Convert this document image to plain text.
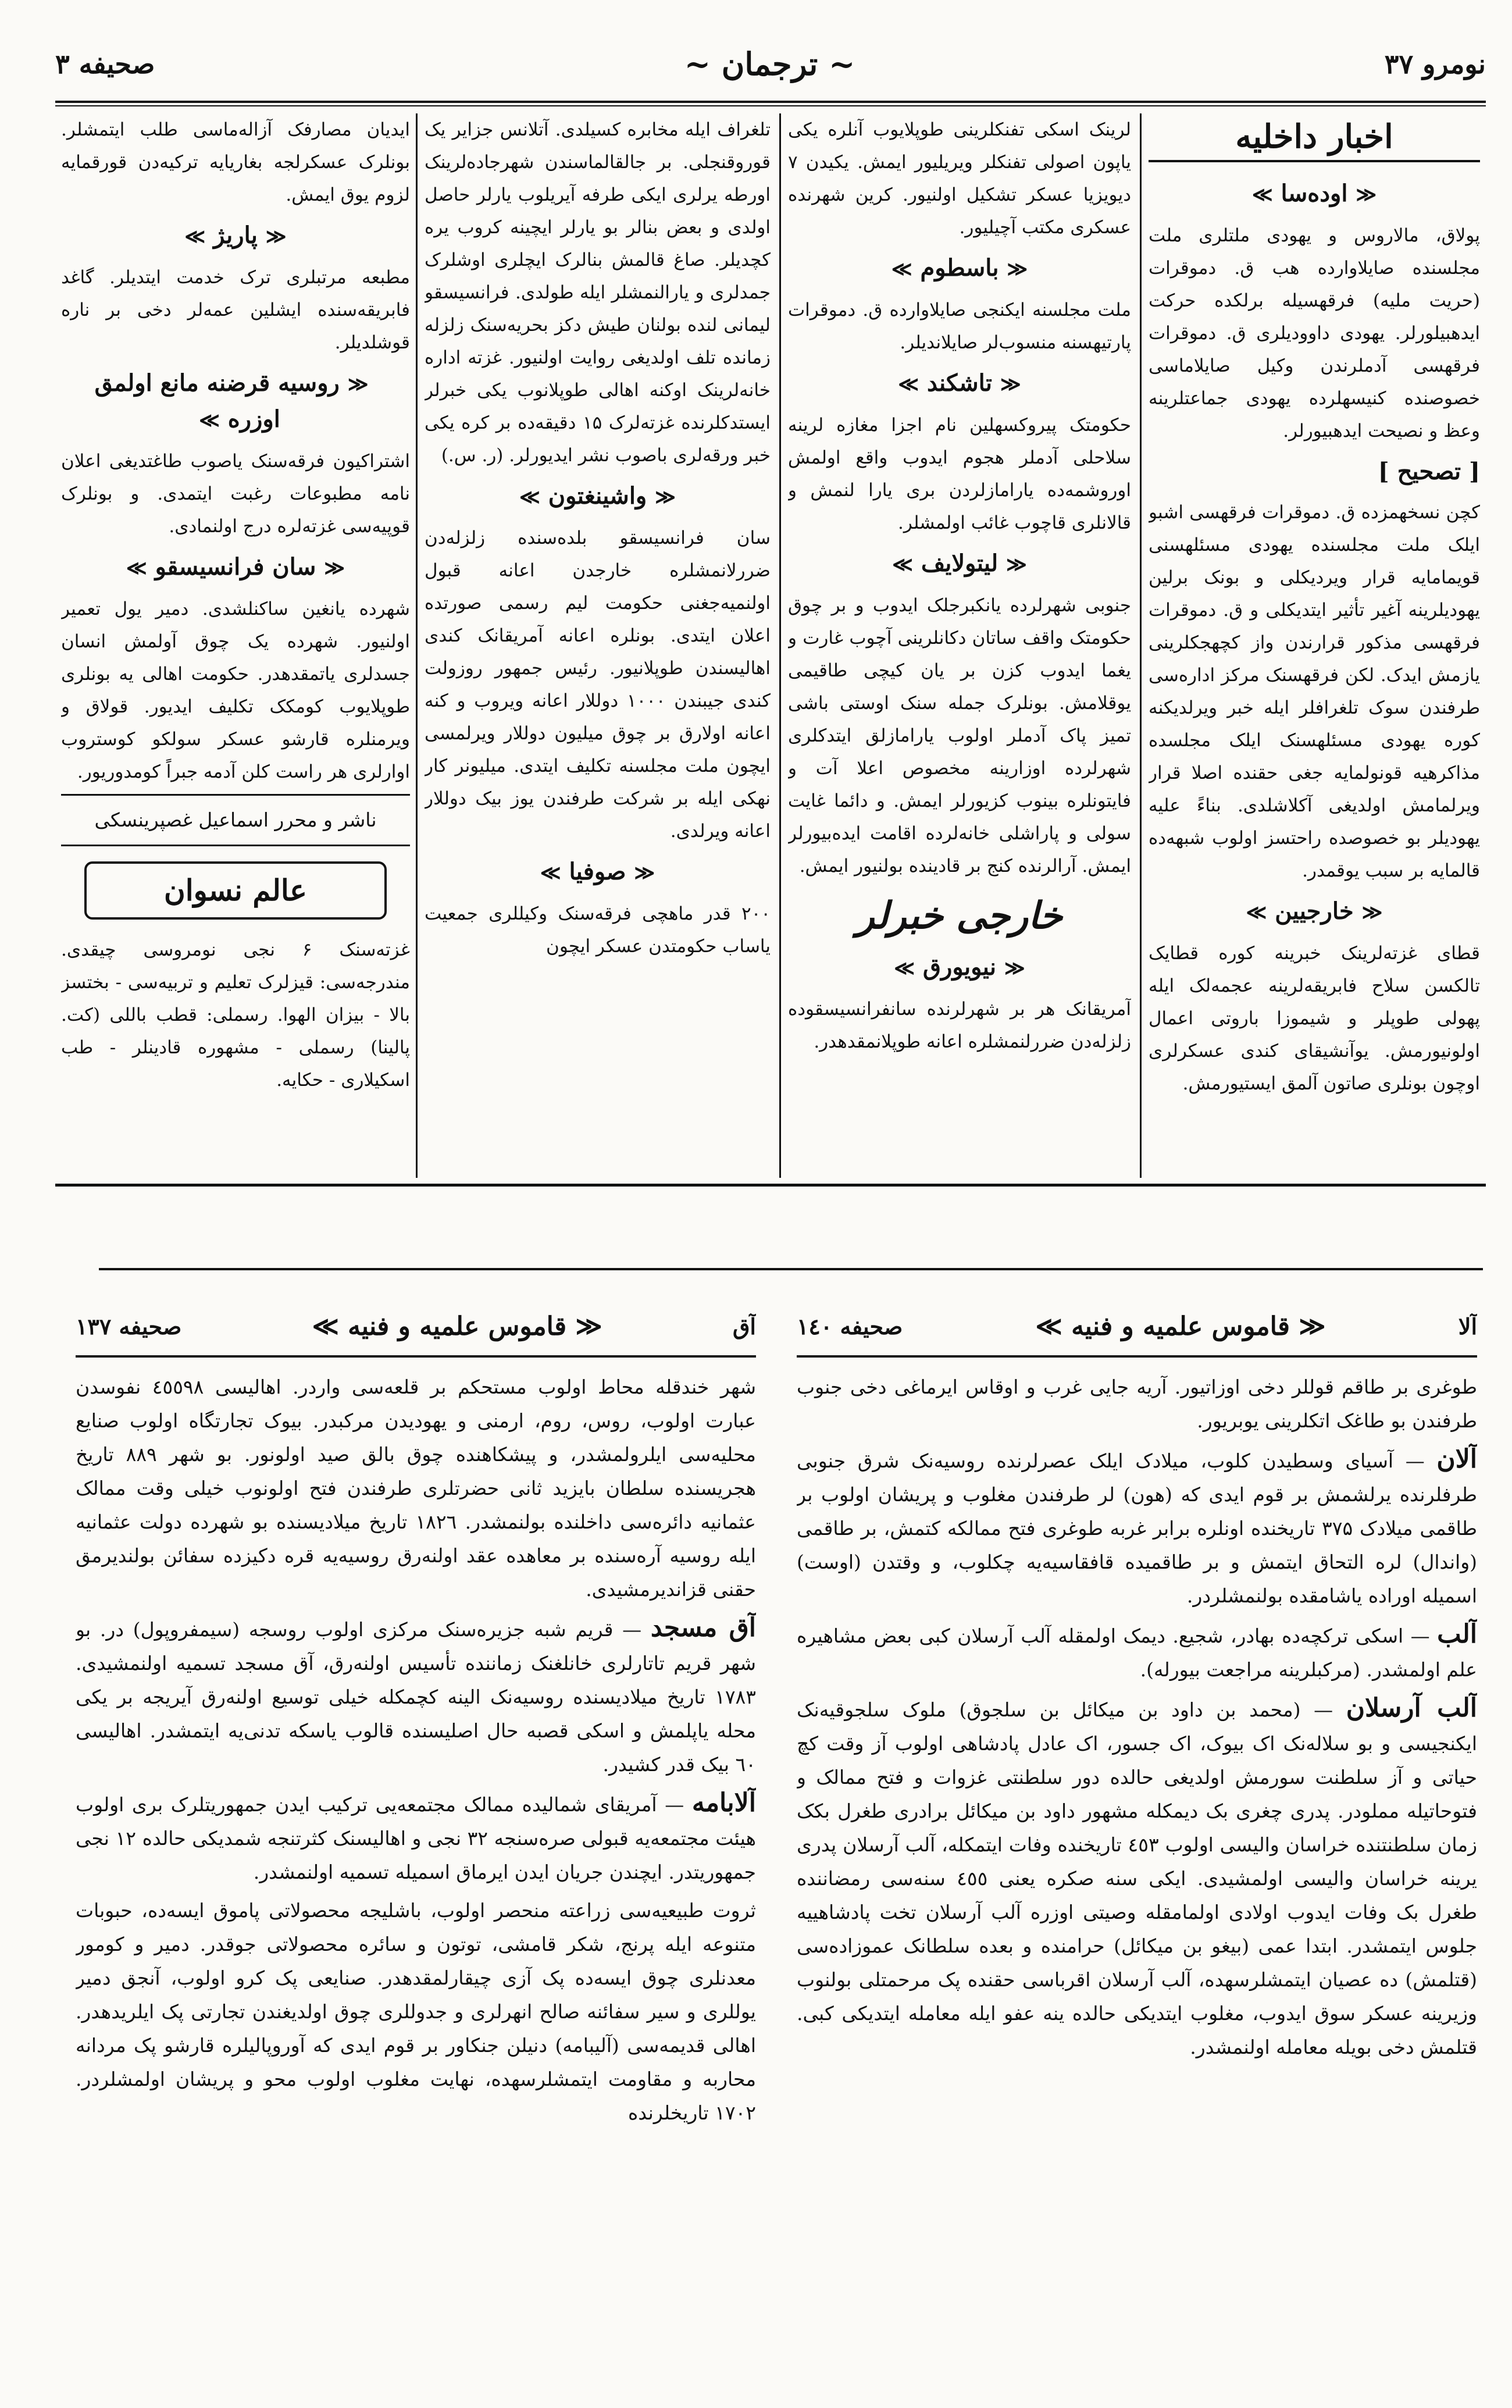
نومرو ۳۷
~ ترجمان ~
صحیفه ۳
اخبار داخلیه
≪اودەسا≫

پولاق، مالاروس و یهودی ملتلری ملت مجلسنده صایلاوارده هب ق. دموقرات (حریت ملیه) فرقهسیله برلکده حرکت ایدهبیلورلر. یهودی داوودیلری ق. دموقرات فرقهسی آدملرندن وکیل صایلاماسی خصوصنده کنیسهلرده یهودی جماعتلرینه وعظ و نصیحت ایدهبیورلر.

[ تصحیح ]

کچن نسخهمزده ق. دموقرات فرقهسی اشبو ایلک ملت مجلسنده یهودی مسئلهسنی قویمامایه قرار ویردیکلی و بونک برلین یهودیلرینه آغیر تأثیر ایتدیکلی و ق. دموقرات فرقهسی مذکور قرارندن واز کچهجکلرینی یازمش ایدک. لکن فرقهسنک مرکز اداره‌سی طرفندن سوک تلغرافلر ایله خبر ویرلدیکنه کوره یهودی مسئلهسنک ایلک مجلسده مذاکرهیه قونولمایه جغی حقنده اصلا قرار ویرلمامش اولدیغی آکلاشلدی. بناءً علیه یهودیلر بو خصوصده راحتسز اولوب شبهەده قالمایه بر سبب یوقمدر.

≪خارجیین≫

قطای غزتەلرینک خبرینه کوره قطایک تالکسن سلاح فابریقەلرینه عجمەلک ایله پهولی طوپلر و شیموزا باروتی اعمال اولونیورمش. یوآنشیقای کندی عسکرلری اوچون بونلری صاتون آلمق ایستیورمش.

لرینک اسکی تفنکلرینی طوپلایوب آنلره یکی یاپون اصولی تفنکلر ویریلیور ایمش. یکیدن ۷ دیویزیا عسکر تشکیل اولنیور. کرین شهرنده عسکری مکتب آچیلیور.

≪باسطوم≫

ملت مجلسنه ایکنجی صایلاوارده ق. دموقرات پارتیهسنه منسوب‌لر صایلاندیلر.

≪تاشکند≫

حکومتک پیروکسهلین نام اجزا مغازه لرینه سلاحلی آدملر هجوم ایدوب واقع اولمش اوروشمەده یارامازلردن بری یارا لنمش و قالانلری قاچوب غائب اولمشلر.

≪لیتولایف≫

جنوبی شهرلرده یانکبرجلک ایدوب و بر چوق حکومتک واقف ساتان دکانلرینی آچوب غارت و یغما ایدوب کزن بر یان کیچی طاقیمی یوقلامش. بونلرک جمله سنک اوستی باشی تمیز پاک آدملر اولوب یارامازلق ایتدکلری شهرلرده اوزارینه مخصوص اعلا آت و فایتونلره بینوب کزیورلر ایمش. و دائما غایت سولی و پاراشلی خانەلرده اقامت ایدەبیورلر ایمش. آرالرنده کنج بر قادینده بولنیور ایمش.

خارجی خبرلر
≪نیویورق≫

آمریقانک هر بر شهرلرنده سانفرانسیسقوده زلزلەدن ضررلنمشلره اعانه طوپلانمقدهدر.

تلغراف ایله مخابره کسیلدی. آتلانس جزایر یک قوروقنجلی. بر جالقالماسندن شهرجاده‌لرینک اورطه یرلری ایکی طرفه آیریلوب یارلر حاصل اولدی و بعض بنالر بو یارلر ایچینه کروب یره کچدیلر. صاغ قالمش بنالرک ایچلری اوشلرک جمدلری و یارالنمشلر ایله طولدی. فرانسیسقو لیمانی لنده بولنان طیش دکز بحریەسنک زلزله زمانده تلف اولدیغی روایت اولنیور. غزته اداره خانەلرینک اوکنه اهالی طوپلانوب یکی خبرلر ایستدکلرنده غزتەلرک ۱۵ دقیقەده بر کره یکی خبر ورقەلری باصوب نشر ایدیورلر. (ر. س.)

≪واشینغتون≫

سان فرانسیسقو بلدەسنده زلزلەدن ضررلانمشلره خارجدن اعانه قبول اولنمیەجغنی حکومت لیم رسمی صورتده اعلان ایتدی. بونلره اعانه آمریقانک کندی اهالیسندن طوپلانیور. رئیس جمهور روزولت کندی جیبندن ۱۰۰۰ دوللار اعانه ویروب و کنه اعانه اولارق بر چوق میلیون دوللار ویرلمسی ایچون ملت مجلسنه تکلیف ایتدی. میلیونر کار نهکی ایله بر شرکت طرفندن یوز بیک دوللار اعانه ویرلدی.

≪صوفیا≫

۲۰۰ قدر ماهچی فرقەسنک وکیللری جمعیت یاساب حکومتدن عسکر ایچون

ایدیان مصارفک آزالەماسی طلب ایتمشلر. بونلرک عسکرلجه بغاریایه ترکیه‌دن قورقمایه لزوم یوق ایمش.

≪پاریژ≫

مطبعه مرتبلری ترک خدمت ایتدیلر. گاغد فابریقەسنده ایشلین عمەلر دخی بر ناره قوشلدیلر.

≪روسیه قرضنه مانع اولمق اوزره≫

اشتراکیون فرقەسنک یاصوب طاغتدیغی اعلان نامه مطبوعات رغبت ایتمدی. و بونلرک قوپیەسی غزتەلره درج اولنمادی.

≪سان فرانسیسقو≫

شهرده یانغین ساکنلشدی. دمیر یول تعمیر اولنیور. شهرده یک چوق آولمش انسان جسدلری یاتمقدهدر. حکومت اهالی یه بونلری طوپلایوب کومکک تکلیف ایدیور. قولاق و ویرمنلره قارشو عسکر سولکو کوستروب اوارلری هر راست کلن آدمه جبراً کومدوریور.

ناشر و محرر اسماعیل غصپرینسکی
عالم نسوان

غزتەسنک ۶ نجی نومروسی چیقدی. مندرجەسی: قیزلرک تعلیم و تربیەسی - بختسز بالا - بیزان الهوا. رسملی: قطب باللی (کت. پالینا) رسملی - مشهوره قادینلر - طب اسکیلاری - حکایه.

آلا
≪ قاموس علمیه و فنیه ≫
صحیفه ۱٤۰

طوغری بر طاقم قوللر دخی اوزاتیور. آریه جایی غرب و اوقاس ایرماغی دخی جنوب طرفندن بو طاغک اتکلرینی یوبریور.

آلان — آسیای وسطیدن کلوب، میلادک ایلک عصرلرنده روسیەنک شرق جنوبی طرفلرنده یرلشمش بر قوم ایدی که (هون) لر طرفندن مغلوب و پریشان اولوب بر طاقمی میلادک ۳۷۵ تاریخنده اونلره برابر غربه طوغری فتح ممالکه کتمش، بر طاقمی (واندال) لره التحاق ایتمش و بر طاقمیده قافقاسیەیه چکلوب، و وقتدن (اوست) اسمیله اوراده یاشامقده بولنمشلردر.

آلب — اسکی ترکچەده بهادر، شجیع. دیمک اولمقله آلب آرسلان کبی بعض مشاهیره علم اولمشدر. (مرکبلرینه مراجعت بیورله).

آلب آرسلان — (محمد بن داود بن میکائل بن سلجوق) ملوک سلجوقیەنک ایکنجیسی و بو سلالەنک اک بیوک، اک جسور، اک عادل پادشاهی اولوب آز وقت کچ حیاتی و آز سلطنت سورمش اولدیغی حالده دور سلطنتی غزوات و فتح ممالک و فتوحاتیله مملودر. پدری چغری بک دیمکله مشهور داود بن میکائل برادری طغرل بکک زمان سلطنتنده خراسان والیسی اولوب ٤٥۳ تاریخنده وفات ایتمکله، آلب آرسلان پدری یرینه خراسان والیسی اولمشیدی. ایکی سنه صکره یعنی ٤٥٥ سنەسی رمضاننده طغرل بک وفات ایدوب اولادی اولمامقله وصیتی اوزره آلب آرسلان تخت پادشاهییه جلوس ایتمشدر. ابتدا عمی (بیغو بن میکائل) حرامنده و بعده سلطانک عموزاده‌سی (قتلمش) ده عصیان ایتمشلرسهده، آلب آرسلان اقرباسی حقنده پک مرحمتلی بولنوب وزیرینه عسکر سوق ایدوب، مغلوب ایتدیکی حالده ینه عفو ایله معامله ایتدیکی کبی. قتلمش دخی بویله معامله اولنمشدر.

آق
≪ قاموس علمیه و فنیه ≫
صحیفه ۱۳۷

شهر خندقله محاط اولوب مستحکم بر قلعەسی واردر. اهالیسی ٤٥٥۹۸ نفوسدن عبارت اولوب، روس، روم، ارمنی و یهودیدن مرکبدر. بیوک تجارتگاه اولوب صنایع محلیەسی ایلرولمشدر، و پیشکاهنده چوق بالق صید اولونور. بو شهر ۸۸۹ تاریخ هجریسنده سلطان بایزید ثانی حضرتلری طرفندن فتح اولونوب خیلی وقت ممالک عثمانیه دائرەسی داخلنده بولنمشدر. ۱۸۲٦ تاریخ میلادیسنده بو شهرده دولت عثمانیه ایله روسیه آرەسنده بر معاهده عقد اولنەرق روسیەیه قره دکیزده سفائن بولندیرمق حقنی قزاندیرمشیدی.

آق مسجد — قریم شبه جزیرەسنک مرکزی اولوب روسجه (سیمفروپول) در. بو شهر قریم تاتارلری خانلغنک زماننده تأسیس اولنەرق، آق مسجد تسمیه اولنمشیدی. ۱۷۸۳ تاریخ میلادیسنده روسیەنک الینه کچمکله خیلی توسیع اولنەرق آیریجه بر یکی محله یاپلمش و اسکی قصبه حال اصلیسنده قالوب یاسکه تدنی‌یه ایتمشدر. اهالیسی ٦۰ بیک قدر کشیدر.

آلابامه — آمریقای شمالیده ممالک مجتمعەیی ترکیب ایدن جمهوریتلرک بری اولوب هیئت مجتمعەیه قبولی صره‌سنجه ۳۲ نجی و اهالیسنک کثرتنجه شمدیکی حالده ۱۲ نجی جمهوریتدر. ایچندن جریان ایدن ایرماق اسمیله تسمیه اولنمشدر.

ثروت طبیعیەسی زراعته منحصر اولوب، باشلیجه محصولاتی پاموق ایسەده، حبوبات متنوعه ایله پرنج، شکر قامشی، توتون و سائره محصولاتی جوقدر. دمیر و کومور معدنلری چوق ایسەده پک آزی چیقارلمقدهدر. صنایعی پک کرو اولوب، آنجق دمیر یوللری و سیر سفائنه صالح انهرلری و جدوللری چوق اولدیغندن تجارتی پک ایلریدهدر. اهالی قدیمەسی (آلیبامه) دنیلن جنکاور بر قوم ایدی که آوروپالیلره قارشو پک مردانه محاربه و مقاومت ایتمشلرسهده، نهایت مغلوب اولوب محو و پریشان اولمشلردر. ۱۷۰۲ تاریخلرنده
